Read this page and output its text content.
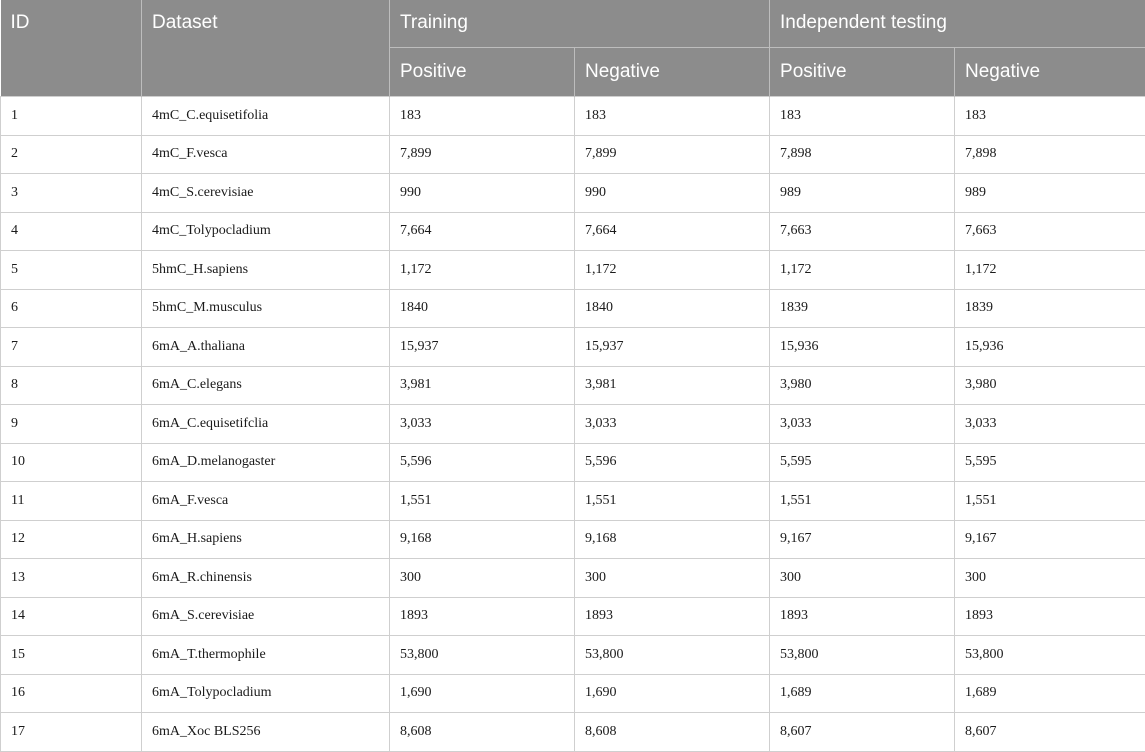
ID	Dataset	Training		Independent testing	
		Positive	Negative	Positive	Negative
1	4mC_C.equisetifolia	183	183	183	183
2	4mC_F.vesca	7,899	7,899	7,898	7,898
3	4mC_S.cerevisiae	990	990	989	989
4	4mC_Tolypocladium	7,664	7,664	7,663	7,663
5	5hmC_H.sapiens	1,172	1,172	1,172	1,172
6	5hmC_M.musculus	1840	1840	1839	1839
7	6mA_A.thaliana	15,937	15,937	15,936	15,936
8	6mA_C.elegans	3,981	3,981	3,980	3,980
9	6mA_C.equisetifclia	3,033	3,033	3,033	3,033
10	6mA_D.melanogaster	5,596	5,596	5,595	5,595
11	6mA_F.vesca	1,551	1,551	1,551	1,551
12	6mA_H.sapiens	9,168	9,168	9,167	9,167
13	6mA_R.chinensis	300	300	300	300
14	6mA_S.cerevisiae	1893	1893	1893	1893
15	6mA_T.thermophile	53,800	53,800	53,800	53,800
16	6mA_Tolypocladium	1,690	1,690	1,689	1,689
17	6mA_Xoc BLS256	8,608	8,608	8,607	8,607
